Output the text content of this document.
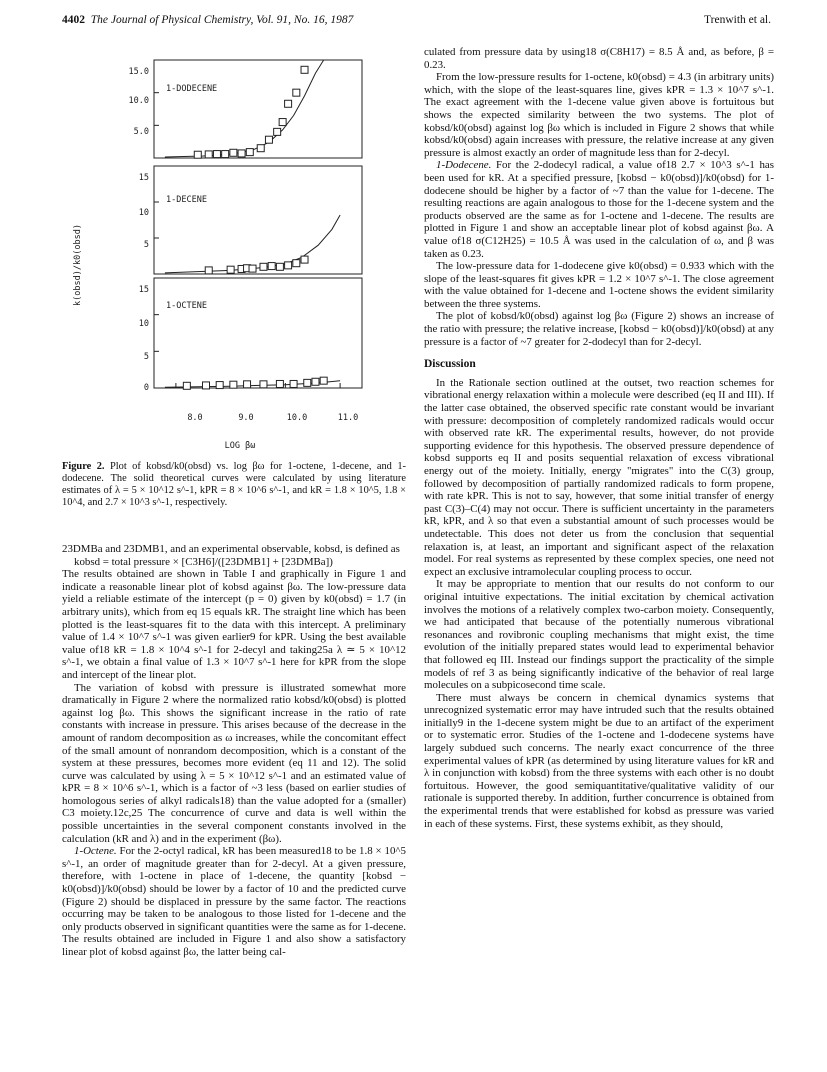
4402 The Journal of Physical Chemistry, Vol. 91, No. 16, 1987	Trenwith et al.
k(obsd)/k0(obsd)
LOG βω
8.0	9.0	10.0	11.0
1-DODECENE
1-DECENE
1-OCTENE
15.0
10.0
5.0
15
10
5
15
10
5
0
Figure 2. Plot of kobsd/k0(obsd) vs. log βω for 1-octene, 1-decene, and 1-dodecene. The solid theoretical curves were calculated by using literature estimates of λ = 5 × 10^12 s^-1, kPR = 8 × 10^6 s^-1, and kR = 1.8 × 10^5, 1.8 × 10^4, and 2.7 × 10^3 s^-1, respectively.

23DMBa and 23DMB1, and an experimental observable, kobsd, is defined as

kobsd = total pressure × [C3H6]/([23DMB1] + [23DMBa])

The results obtained are shown in Table I and graphically in Figure 1 and indicate a reasonable linear plot of kobsd against βω. The low-pressure data yield a reliable estimate of the intercept (p = 0) given by k0(obsd) = 1.7 (in arbitrary units), which from eq 15 equals kR. The straight line which has been plotted is the least-squares fit to the data with this intercept. A preliminary value of 1.4 × 10^7 s^-1 was given earlier9 for kPR. Using the best available value of18 kR = 1.8 × 10^4 s^-1 for 2-decyl and taking25a λ ≃ 5 × 10^12 s^-1, we obtain a final value of 1.3 × 10^7 s^-1 here for kPR from the slope and intercept of the linear plot.

The variation of kobsd with pressure is illustrated somewhat more dramatically in Figure 2 where the normalized ratio kobsd/k0(obsd) is plotted against log βω. This shows the significant increase in the ratio of rate constants with increase in pressure. This arises because of the decrease in the amount of random decomposition as ω increases, while the concomitant effect of the small amount of nonrandom decomposition, which is a constant of the system at these pressures, becomes more evident (eq 11 and 12). The solid curve was calculated by using λ = 5 × 10^12 s^-1 and an estimated value of kPR = 8 × 10^6 s^-1, which is a factor of ~3 less (based on earlier studies of homologous series of alkyl radicals18) than the value adopted for a (smaller) C3 moiety.12c,25 The concurrence of curve and data is well within the possible uncertainties in the several component constants involved in the calculation (kR and λ) and in the experiment (βω).

1-Octene. For the 2-octyl radical, kR has been measured18 to be 1.8 × 10^5 s^-1, an order of magnitude greater than for 2-decyl. At a given pressure, therefore, with 1-octene in place of 1-decene, the quantity [kobsd − k0(obsd)]/k0(obsd) should be lower by a factor of 10 and the predicted curve (Figure 2) should be displaced in pressure by the same factor. The reactions occurring may be taken to be analogous to those listed for 1-decene and the only products observed in significant quantities were the same as for 1-decene. The results obtained are included in Figure 1 and also show a satisfactory linear plot of kobsd against βω, the latter being cal-

culated from pressure data by using18 σ(C8H17) = 8.5 Å and, as before, β = 0.23.

From the low-pressure results for 1-octene, k0(obsd) = 4.3 (in arbitrary units) which, with the slope of the least-squares line, gives kPR = 1.3 × 10^7 s^-1. The exact agreement with the 1-decene value given above is fortuitous but shows the expected similarity between the two systems. The plot of kobsd/k0(obsd) against log βω which is included in Figure 2 shows that while kobsd/k0(obsd) again increases with pressure, the relative increase at any given pressure is almost exactly an order of magnitude less than for 2-decyl.

1-Dodecene. For the 2-dodecyl radical, a value of18 2.7 × 10^3 s^-1 has been used for kR. At a specified pressure, [kobsd − k0(obsd)]/k0(obsd) for 1-dodecene should be higher by a factor of ~7 than the value for 1-decene. The resulting reactions are again analogous to those for the 1-decene system and the products observed are the same as for 1-octene and 1-decene. The results are plotted in Figure 1 and show an acceptable linear plot of kobsd against βω. A value of18 σ(C12H25) = 10.5 Å was used in the calculation of ω, and β was taken as 0.23.

The low-pressure data for 1-dodecene give k0(obsd) = 0.933 which with the slope of the least-squares fit gives kPR = 1.2 × 10^7 s^-1. The close agreement with the value obtained for 1-decene and 1-octene shows the evident similarity between the three systems.

The plot of kobsd/k0(obsd) against log βω (Figure 2) shows an increase of the ratio with pressure; the relative increase, [kobsd − k0(obsd)]/k0(obsd) at any pressure is a factor of ~7 greater for 2-dodecyl than for 2-decyl.

Discussion

In the Rationale section outlined at the outset, two reaction schemes for vibrational energy relaxation within a molecule were described (eq II and III). If the latter case obtained, the observed specific rate constant would be invariant with pressure: decomposition of completely randomized radicals would occur with observed rate kR. The experimental results, however, do not provide supporting evidence for this hypothesis. The observed pressure dependence of kobsd supports eq II and posits sequential relaxation of excess vibrational energy out of the moiety. Initially, energy "migrates" into the C(3) group, followed by decomposition of partially randomized radicals to form propene, with rate kPR. This is not to say, however, that some initial transfer of energy past C(3)–C(4) may not occur. There is sufficient uncertainty in the parameters kR, kPR, and λ so that even a substantial amount of such processes would be undetectable. This does not deter us from the conclusion that sequential relaxation is, at least, an important and significant aspect of the relaxation model. For real systems as represented by these complex species, one need not expect an exclusive intramolecular coupling process to occur.

It may be appropriate to mention that our results do not conform to our original intuitive expectations. The initial excitation by chemical activation involves the motions of a relatively complex two-carbon moiety. Consequently, we had anticipated that because of the potentially numerous vibrational resonances and rovibronic coupling mechanisms that might exist, the time evolution of the initially prepared states would lead to experimental behavior that followed eq III. Instead our findings support the practicality of the simple models of ref 3 as being significantly indicative of the behavior of real large molecules on a subpicosecond time scale.

There must always be concern in chemical dynamics systems that unrecognized systematic error may have intruded such that the results obtained initially9 in the 1-decene system might be due to an artifact of the experiment or to systematic error. Studies of the 1-octene and 1-dodecene systems have largely subdued such concerns. The nearly exact concurrence of the three experimental values of kPR (as determined by using literature values for kR and λ in conjunction with kobsd) from the three systems with each other is no doubt fortuitous. However, the good semiquantitative/qualitative validity of our rationale is supported thereby. In addition, further concurrence is obtained from the experimental trends that were established for kobsd as pressure was varied in each of these systems. First, these systems exhibit, as they should,
